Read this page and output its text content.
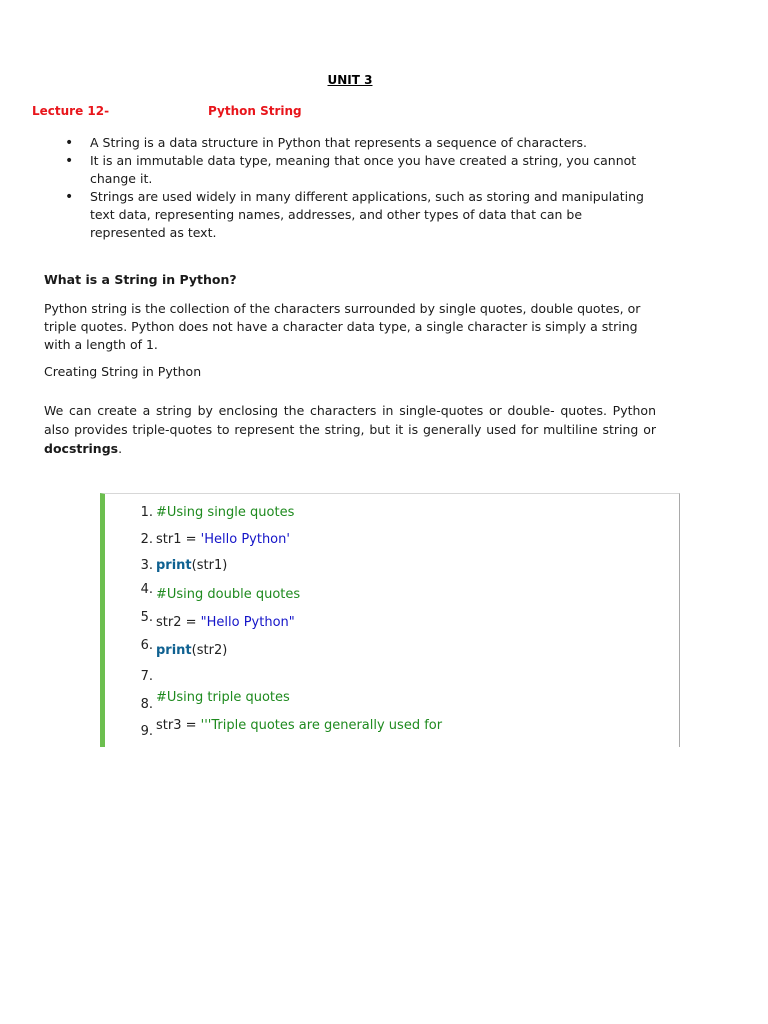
UNIT 3
Lecture 12-	Python String
• A String is a data structure in Python that represents a sequence of characters.
• It is an immutable data type, meaning that once you have created a string, you cannot change it.
• Strings are used widely in many different applications, such as storing and manipulating text data, representing names, addresses, and other types of data that can be represented as text.
What is a String in Python?

Python string is the collection of the characters surrounded by single quotes, double quotes, or triple quotes. Python does not have a character data type, a single character is simply a string with a length of 1.

Creating String in Python

We can create a string by enclosing the characters in single-quotes or double- quotes. Python also provides triple-quotes to represent the string, but it is generally used for multiline string or docstrings.

1. #Using single quotes
2. str1 = 'Hello Python'
3. print(str1)
4. #Using double quotes
5. str2 = "Hello Python"
6. print(str2)
7.
8. #Using triple quotes
9. str3 = '''Triple quotes are generally used for
